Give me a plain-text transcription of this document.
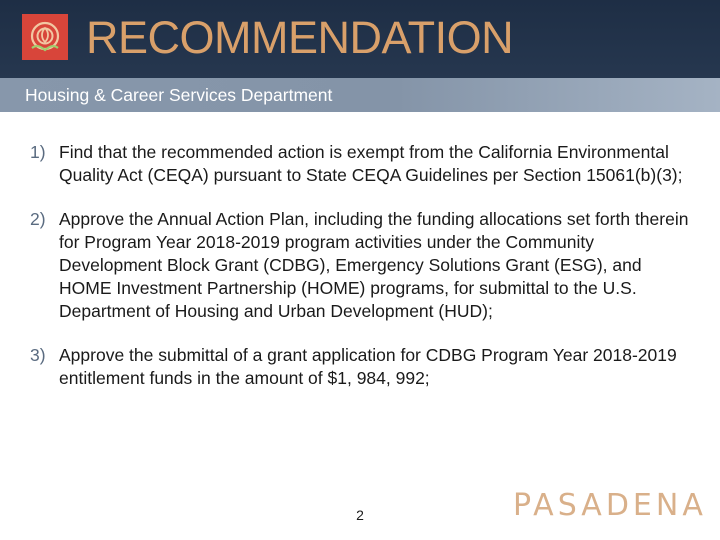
RECOMMENDATION
Housing & Career Services Department
1) Find that the recommended action is exempt from the California Environmental Quality Act (CEQA) pursuant to State CEQA Guidelines per Section 15061(b)(3);
2) Approve the Annual Action Plan, including the funding allocations set forth therein for Program Year 2018-2019 program activities under the Community Development Block Grant (CDBG), Emergency Solutions Grant (ESG), and HOME Investment Partnership (HOME) programs, for submittal to the U.S. Department of Housing and Urban Development (HUD);
3) Approve the submittal of a grant application for CDBG Program Year 2018-2019 entitlement funds in the amount of $1, 984, 992;
2	PASADENA
